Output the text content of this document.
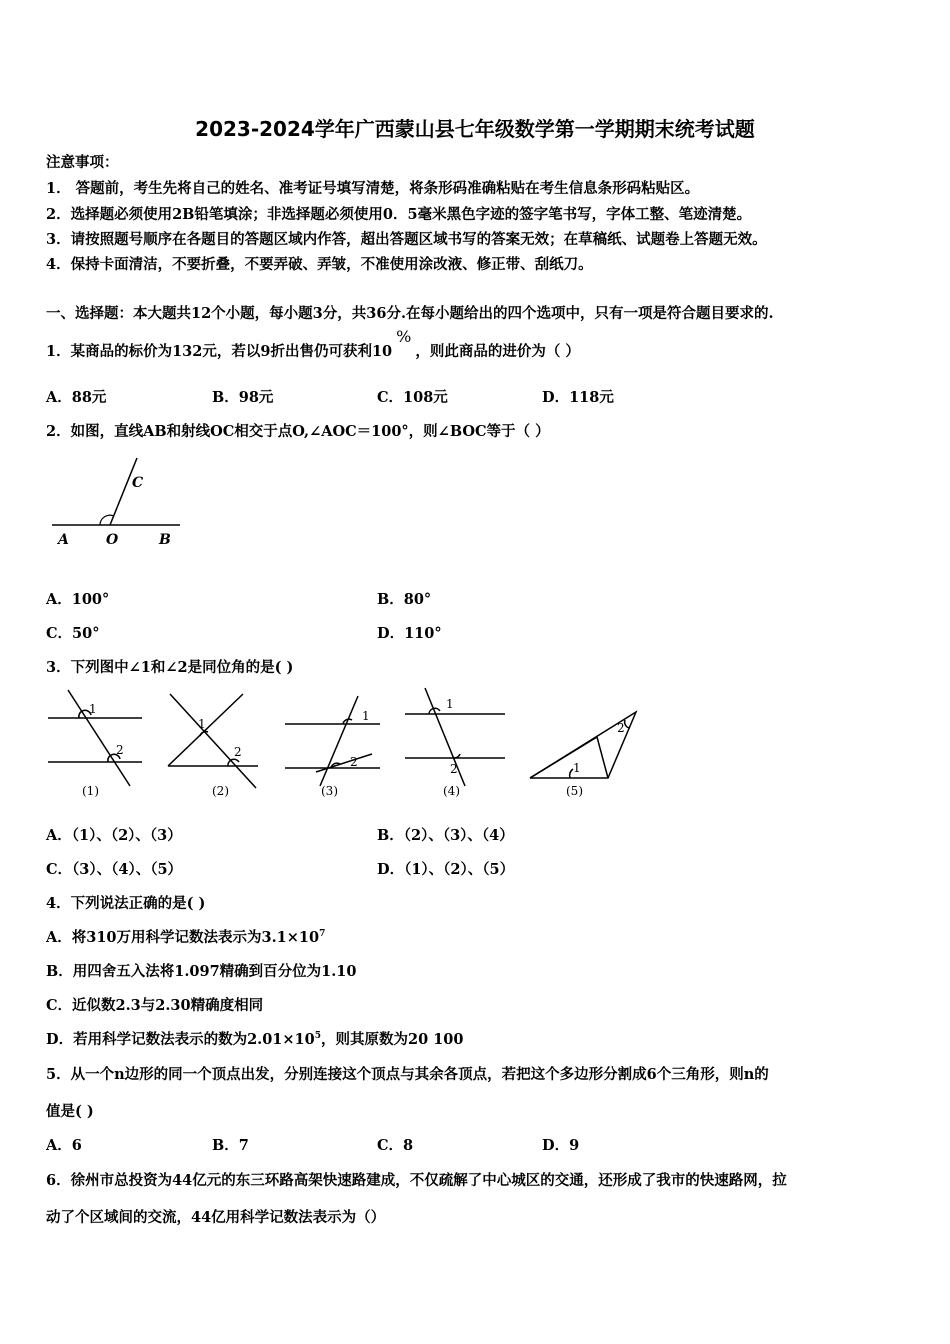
2023-2024学年广西蒙山县七年级数学第一学期期末统考试题
注意事项：
1． 答题前，考生先将自己的姓名、准考证号填写清楚，将条形码准确粘贴在考生信息条形码粘贴区。
2．选择题必须使用2B铅笔填涂；非选择题必须使用0．5毫米黑色字迹的签字笔书写，字体工整、笔迹清楚。
3．请按照题号顺序在各题目的答题区域内作答，超出答题区域书写的答案无效；在草稿纸、试题卷上答题无效。
4．保持卡面清洁，不要折叠，不要弄破、弄皱，不准使用涂改液、修正带、刮纸刀。
一、选择题：本大题共12个小题，每小题3分，共36分.在每小题给出的四个选项中，只有一项是符合题目要求的.
1．某商品的标价为132元，若以9折出售仍可获利10%，则此商品的进价为（ ）
A．88元	B．98元	C．108元	D．118元
2．如图，直线AB和射线OC相交于点O,∠AOC＝100°，则∠BOC等于（ ）
A	O	B
C
A．100°	B．80°
C．50°	D．110°
3．下列图中∠1和∠2是同位角的是( )
1
2
1
2
1
2
1
2	1
2
(1)	(2)	(3)	(4)	(5)
A．（1）、（2）、（3）	B．（2）、（3）、（4）
C．（3）、（4）、（5）	D．（1）、（2）、（5）
4．下列说法正确的是( )
A．将310万用科学记数法表示为$3.1\times 10^7$
B．用四舍五入法将1.097精确到百分位为1.10
C．近似数2.3与2.30精确度相同
D．若用科学记数法表示的数为$2.01\times 10^5$，则其原数为20 100
5．从一个n边形的同一个顶点出发，分别连接这个顶点与其余各顶点，若把这个多边形分割成6个三角形，则n的
值是( )
A．6	B．7	C．8	D．9
6．徐州市总投资为44亿元的东三环路高架快速路建成，不仅疏解了中心城区的交通，还形成了我市的快速路网，拉
动了个区域间的交流，44亿用科学记数法表示为（）
